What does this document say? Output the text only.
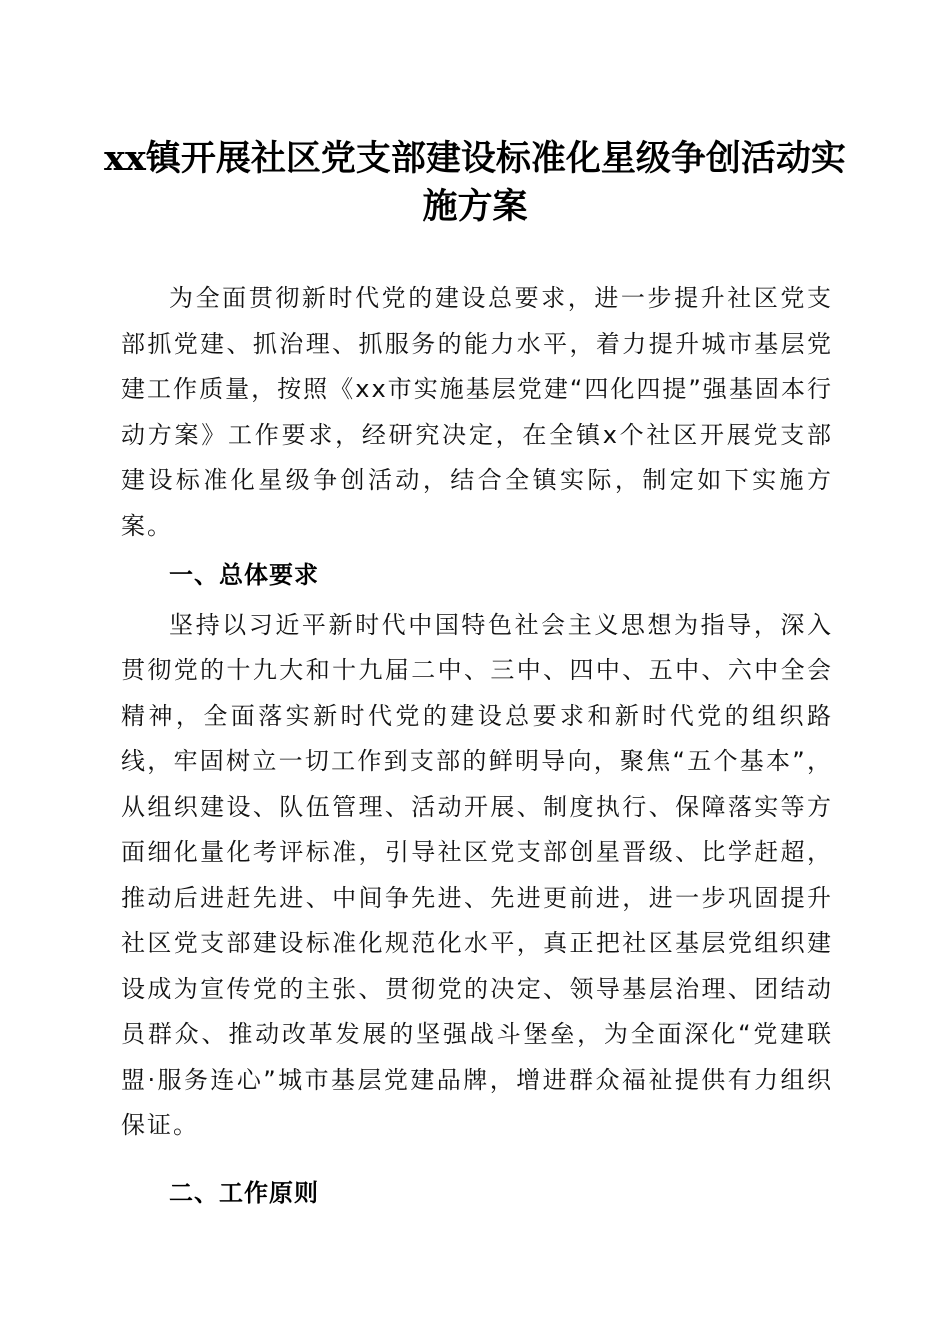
xx镇开展社区党支部建设标准化星级争创活动实施方案

为全面贯彻新时代党的建设总要求，进一步提升社区党支部抓党建、抓治理、抓服务的能力水平，着力提升城市基层党建工作质量，按照《xx市实施基层党建“四化四提”强基固本行动方案》工作要求，经研究决定，在全镇x个社区开展党支部建设标准化星级争创活动，结合全镇实际，制定如下实施方案。

一、总体要求

坚持以习近平新时代中国特色社会主义思想为指导，深入贯彻党的十九大和十九届二中、三中、四中、五中、六中全会精神，全面落实新时代党的建设总要求和新时代党的组织路线，牢固树立一切工作到支部的鲜明导向，聚焦“五个基本”，从组织建设、队伍管理、活动开展、制度执行、保障落实等方面细化量化考评标准，引导社区党支部创星晋级、比学赶超，推动后进赶先进、中间争先进、先进更前进，进一步巩固提升社区党支部建设标准化规范化水平，真正把社区基层党组织建设成为宣传党的主张、贯彻党的决定、领导基层治理、团结动员群众、推动改革发展的坚强战斗堡垒，为全面深化“党建联盟·服务连心”城市基层党建品牌，增进群众福祉提供有力组织保证。

二、工作原则
